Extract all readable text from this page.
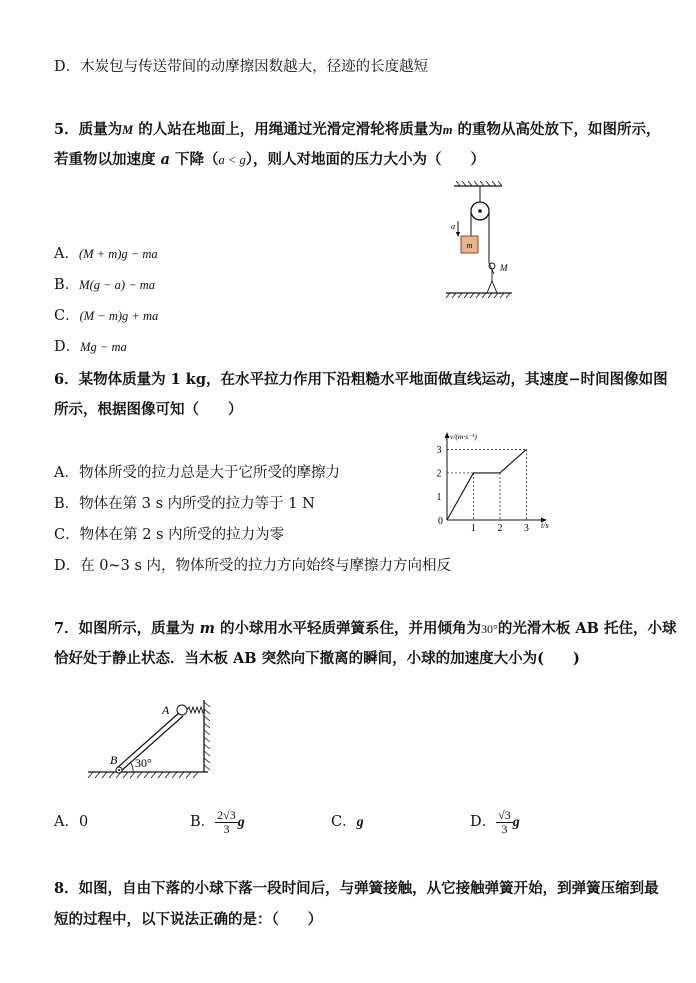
D．木炭包与传送带间的动摩擦因数越大，径迹的长度越短
5．质量为M 的人站在地面上，用绳通过光滑定滑轮将质量为m 的重物从高处放下，如图所示，
若重物以加速度 a 下降（a < g），则人对地面的压力大小为（　　）
A．(M + m)g − ma
B．M(g − a) − ma
C．(M − m)g + ma
D．Mg − ma
m
a
M
6．某物体质量为 1 kg，在水平拉力作用下沿粗糙水平地面做直线运动，其速度−时间图像如图
所示，根据图像可知（　　）
A．物体所受的拉力总是大于它所受的摩擦力
B．物体在第 3 s 内所受的拉力等于 1 N
C．物体在第 2 s 内所受的拉力为零
D．在 0~3 s 内，物体所受的拉力方向始终与摩擦力方向相反
v/(m·s⁻¹)
t/s
0
1 2 3
1
2
3
7．如图所示，质量为 m 的小球用水平轻质弹簧系住，并用倾角为30°的光滑木板 AB 托住，小球
恰好处于静止状态．当木板 AB 突然向下撤离的瞬间，小球的加速度大小为(　　)
A
B 30°
A．0	B． $\frac{2√3}{3}$ g	C．g	D． $\frac{√3}{3}$ g
8．如图，自由下落的小球下落一段时间后，与弹簧接触，从它接触弹簧开始，到弹簧压缩到最
短的过程中，以下说法正确的是：（　　）
